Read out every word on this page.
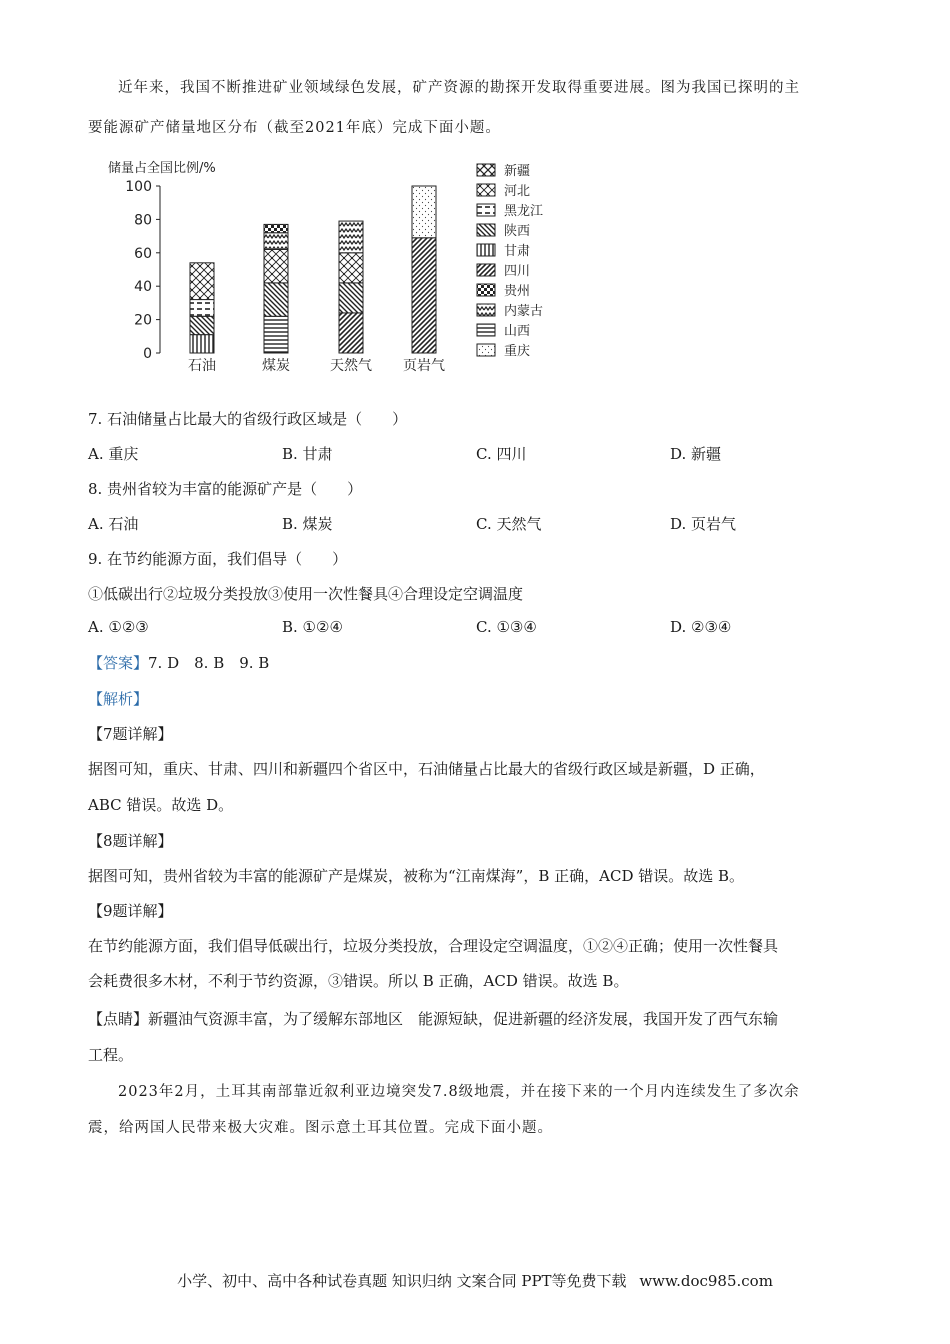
近年来，我国不断推进矿业领域绿色发展，矿产资源的勘探开发取得重要进展。图为我国已探明的主
要能源矿产储量地区分布（截至2021年底）完成下面小题。
储量占全国比例/%
0
20
40
60
80
100
石油	煤炭	天然气 页岩气
新疆
河北
黑龙江
陕西
甘肃
四川
贵州
内蒙古
山西
重庆
7. 石油储量占比最大的省级行政区域是（　　）
A. 重庆	B. 甘肃	C. 四川	D. 新疆
8. 贵州省较为丰富的能源矿产是（　　）
A. 石油	B. 煤炭	C. 天然气	D. 页岩气
9. 在节约能源方面，我们倡导（　　）
①低碳出行②垃圾分类投放③使用一次性餐具④合理设定空调温度
A. ①②③	B. ①②④	C. ①③④	D. ②③④
【答案】7. D　8. B　9. B
【解析】
【7题详解】
据图可知，重庆、甘肃、四川和新疆四个省区中，石油储量占比最大的省级行政区域是新疆，D 正确，
ABC 错误。故选 D。
【8题详解】
据图可知，贵州省较为丰富的能源矿产是煤炭，被称为“江南煤海”，B 正确，ACD 错误。故选 B。
【9题详解】
在节约能源方面，我们倡导低碳出行，垃圾分类投放，合理设定空调温度，①②④正确；使用一次性餐具
会耗费很多木材，不利于节约资源，③错误。所以 B 正确，ACD 错误。故选 B。
【点睛】新疆油气资源丰富，为了缓解东部地区　能源短缺，促进新疆的经济发展，我国开发了西气东输
工程。
2023年2月，土耳其南部靠近叙利亚边境突发7.8级地震，并在接下来的一个月内连续发生了多次余
震，给两国人民带来极大灾难。图示意土耳其位置。完成下面小题。
小学、初中、高中各种试卷真题 知识归纳 文案合同 PPT等免费下载 www.doc985.com
